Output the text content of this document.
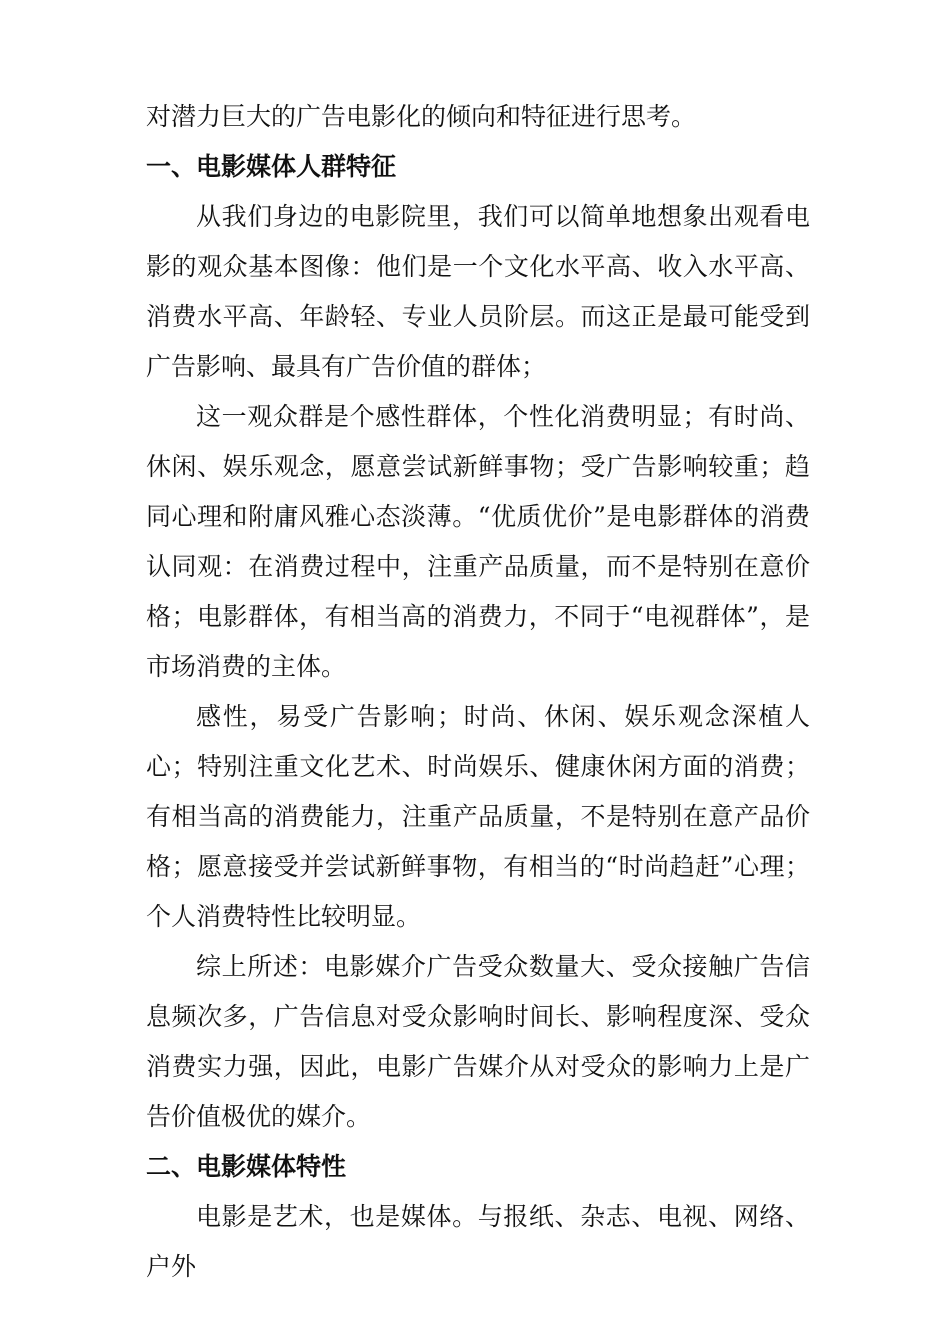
对潜力巨大的广告电影化的倾向和特征进行思考。

一、电影媒体人群特征

从我们身边的电影院里，我们可以简单地想象出观看电影的观众基本图像：他们是一个文化水平高、收入水平高、消费水平高、年龄轻、专业人员阶层。而这正是最可能受到广告影响、最具有广告价值的群体；

这一观众群是个感性群体，个性化消费明显；有时尚、休闲、娱乐观念，愿意尝试新鲜事物；受广告影响较重；趋同心理和附庸风雅心态淡薄。“优质优价”是电影群体的消费认同观：在消费过程中，注重产品质量，而不是特别在意价格；电影群体，有相当高的消费力，不同于“电视群体”，是市场消费的主体。

感性，易受广告影响；时尚、休闲、娱乐观念深植人心；特别注重文化艺术、时尚娱乐、健康休闲方面的消费；有相当高的消费能力，注重产品质量，不是特别在意产品价格；愿意接受并尝试新鲜事物，有相当的“时尚趋赶”心理；个人消费特性比较明显。

综上所述：电影媒介广告受众数量大、受众接触广告信息频次多，广告信息对受众影响时间长、影响程度深、受众消费实力强，因此，电影广告媒介从对受众的影响力上是广告价值极优的媒介。

二、电影媒体特性

电影是艺术，也是媒体。与报纸、杂志、电视、网络、户外
